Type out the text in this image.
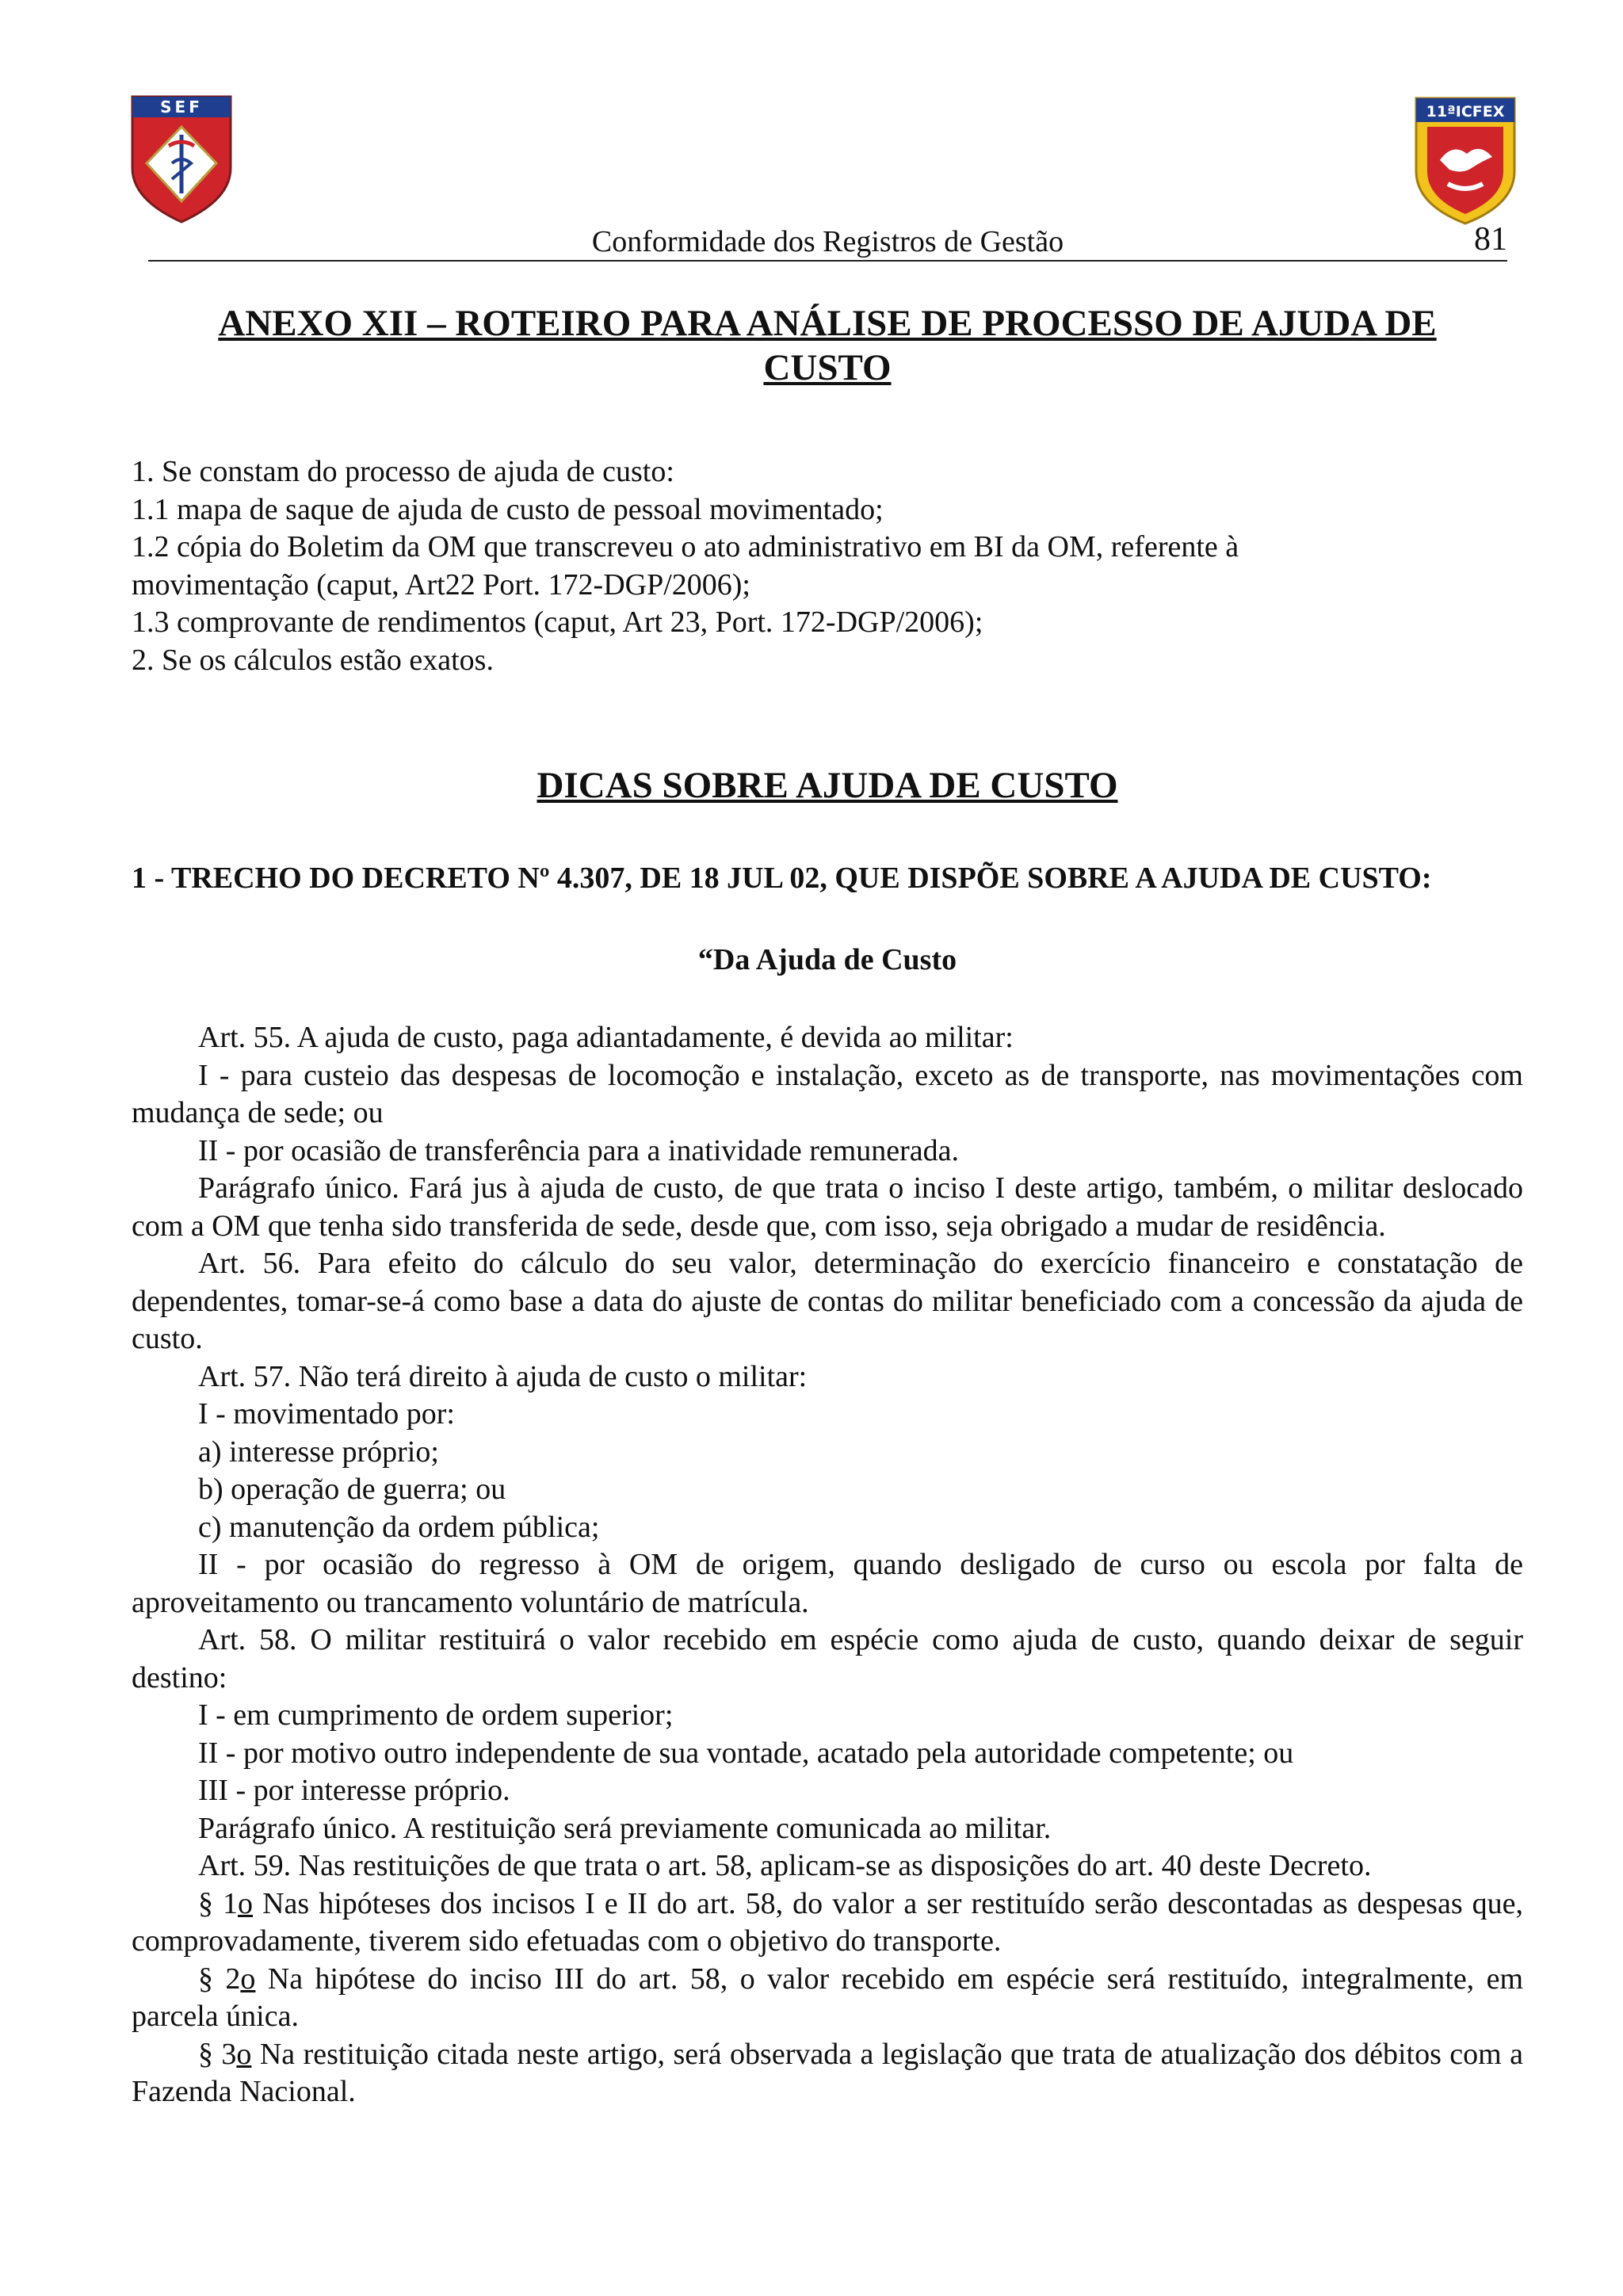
SEF	11ªICFEX
Conformidade dos Registros de Gestão	81
ANEXO XII – ROTEIRO PARA ANÁLISE DE PROCESSO DE AJUDA DE
CUSTO

1. Se constam do processo de ajuda de custo:

1.1 mapa de saque de ajuda de custo de pessoal movimentado;

1.2 cópia do Boletim da OM que transcreveu o ato administrativo em BI da OM, referente à

movimentação (caput, Art22 Port. 172-DGP/2006);

1.3 comprovante de rendimentos (caput, Art 23, Port. 172-DGP/2006);

2. Se os cálculos estão exatos.

DICAS SOBRE AJUDA DE CUSTO
1 - TRECHO DO DECRETO Nº 4.307, DE 18 JUL 02, QUE DISPÕE SOBRE A AJUDA DE CUSTO:

“Da Ajuda de Custo

Art. 55. A ajuda de custo, paga adiantadamente, é devida ao militar:

I - para custeio das despesas de locomoção e instalação, exceto as de transporte, nas movimentações com mudança de sede; ou

II - por ocasião de transferência para a inatividade remunerada.

Parágrafo único. Fará jus à ajuda de custo, de que trata o inciso I deste artigo, também, o militar deslocado com a OM que tenha sido transferida de sede, desde que, com isso, seja obrigado a mudar de residência.

Art. 56. Para efeito do cálculo do seu valor, determinação do exercício financeiro e constatação de dependentes, tomar-se-á como base a data do ajuste de contas do militar beneficiado com a concessão da ajuda de custo.

Art. 57. Não terá direito à ajuda de custo o militar:

I - movimentado por:

a) interesse próprio;

b) operação de guerra; ou

c) manutenção da ordem pública;

II - por ocasião do regresso à OM de origem, quando desligado de curso ou escola por falta de aproveitamento ou trancamento voluntário de matrícula.

Art. 58. O militar restituirá o valor recebido em espécie como ajuda de custo, quando deixar de seguir destino:

I - em cumprimento de ordem superior;

II - por motivo outro independente de sua vontade, acatado pela autoridade competente; ou

III - por interesse próprio.

Parágrafo único. A restituição será previamente comunicada ao militar.

Art. 59. Nas restituições de que trata o art. 58, aplicam-se as disposições do art. 40 deste Decreto.

§ 1o Nas hipóteses dos incisos I e II do art. 58, do valor a ser restituído serão descontadas as despesas que, comprovadamente, tiverem sido efetuadas com o objetivo do transporte.

§ 2o Na hipótese do inciso III do art. 58, o valor recebido em espécie será restituído, integralmente, em parcela única.

§ 3o Na restituição citada neste artigo, será observada a legislação que trata de atualização dos débitos com a Fazenda Nacional.
